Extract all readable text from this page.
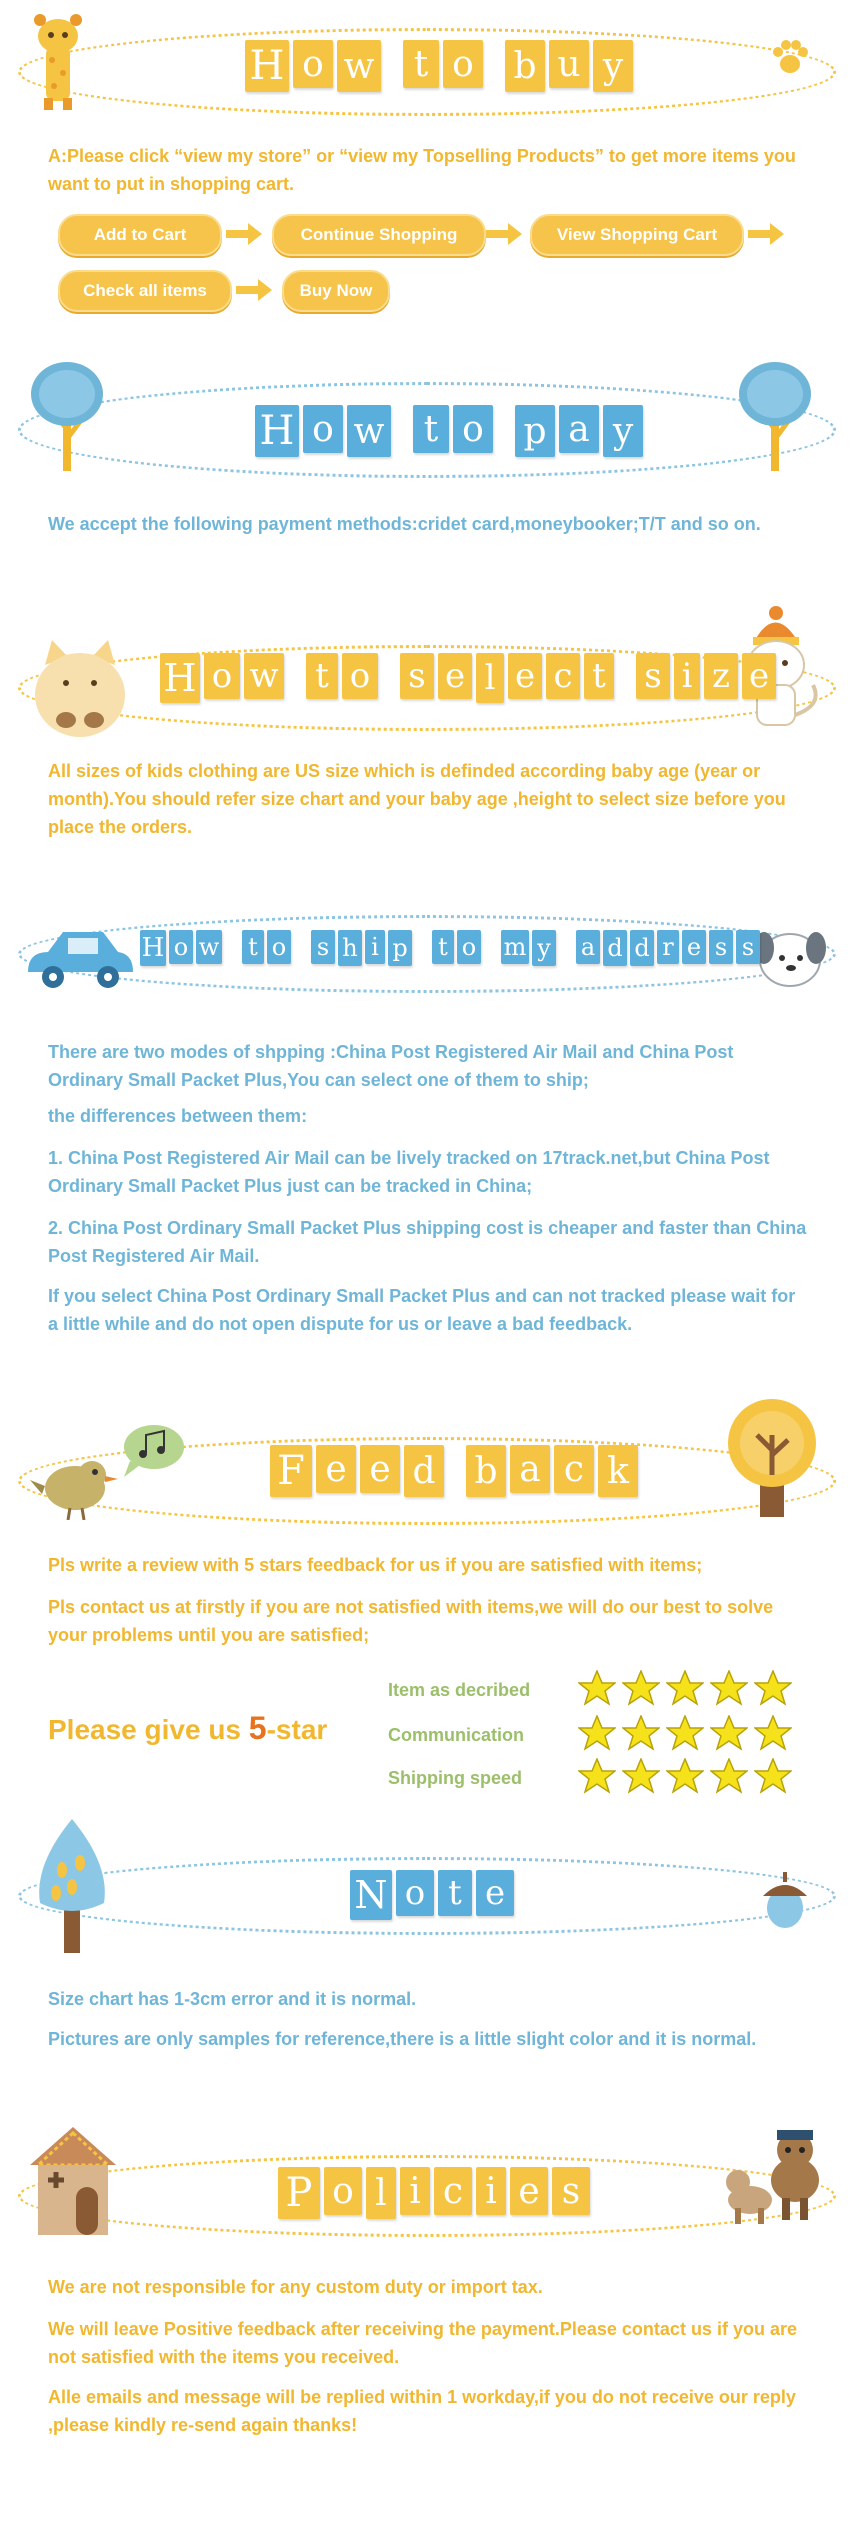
H o w t o b u y

A:Please click “view my store” or “view my Topselling Products” to get more items you want to put in shopping cart.

Add to Cart	Continue Shopping	View Shopping Cart
Check all items	Buy Now
H o w t o p a y

We accept the following payment methods:cridet card,moneybooker;T/T and so on.

H o w t o s e l e c t s i z e

All sizes of kids clothing are US size which is definded according baby age (year or month).You should refer size chart and your baby age ,height to select size before you place the orders.

H o w t o s h i p t o m y a d d r e s s

There are two modes of shpping :China Post Registered Air Mail and China Post Ordinary Small Packet Plus,You can select one of them to ship;

the differences between them:

1. China Post Registered Air Mail can be lively tracked on 17track.net,but China Post Ordinary Small Packet Plus just can be tracked in China;

2. China Post Ordinary Small Packet Plus shipping cost is cheaper and faster than China Post Registered Air Mail.

If you select China Post Ordinary Small Packet Plus and can not tracked please wait for a little while and do not open dispute for us or leave a bad feedback.

F e e d b a c k

Pls write a review with 5 stars feedback for us if you are satisfied with items;

Pls contact us at firstly if you are not satisfied with items,we will do our best to solve your problems until you are satisfied;

Please give us 5-star
Item as decribed
Communication
Shipping speed
N o t e

Size chart has 1-3cm error and it is normal.

Pictures are only samples for reference,there is a little slight color and it is normal.

P o l i c i e s

We are not responsible for any custom duty or import tax.

We will leave Positive feedback after receiving the payment.Please contact us if you are not satisfied with the items you received.

Alle emails and message will be replied within 1 workday,if you do not receive our reply ,please kindly re-send again thanks!
